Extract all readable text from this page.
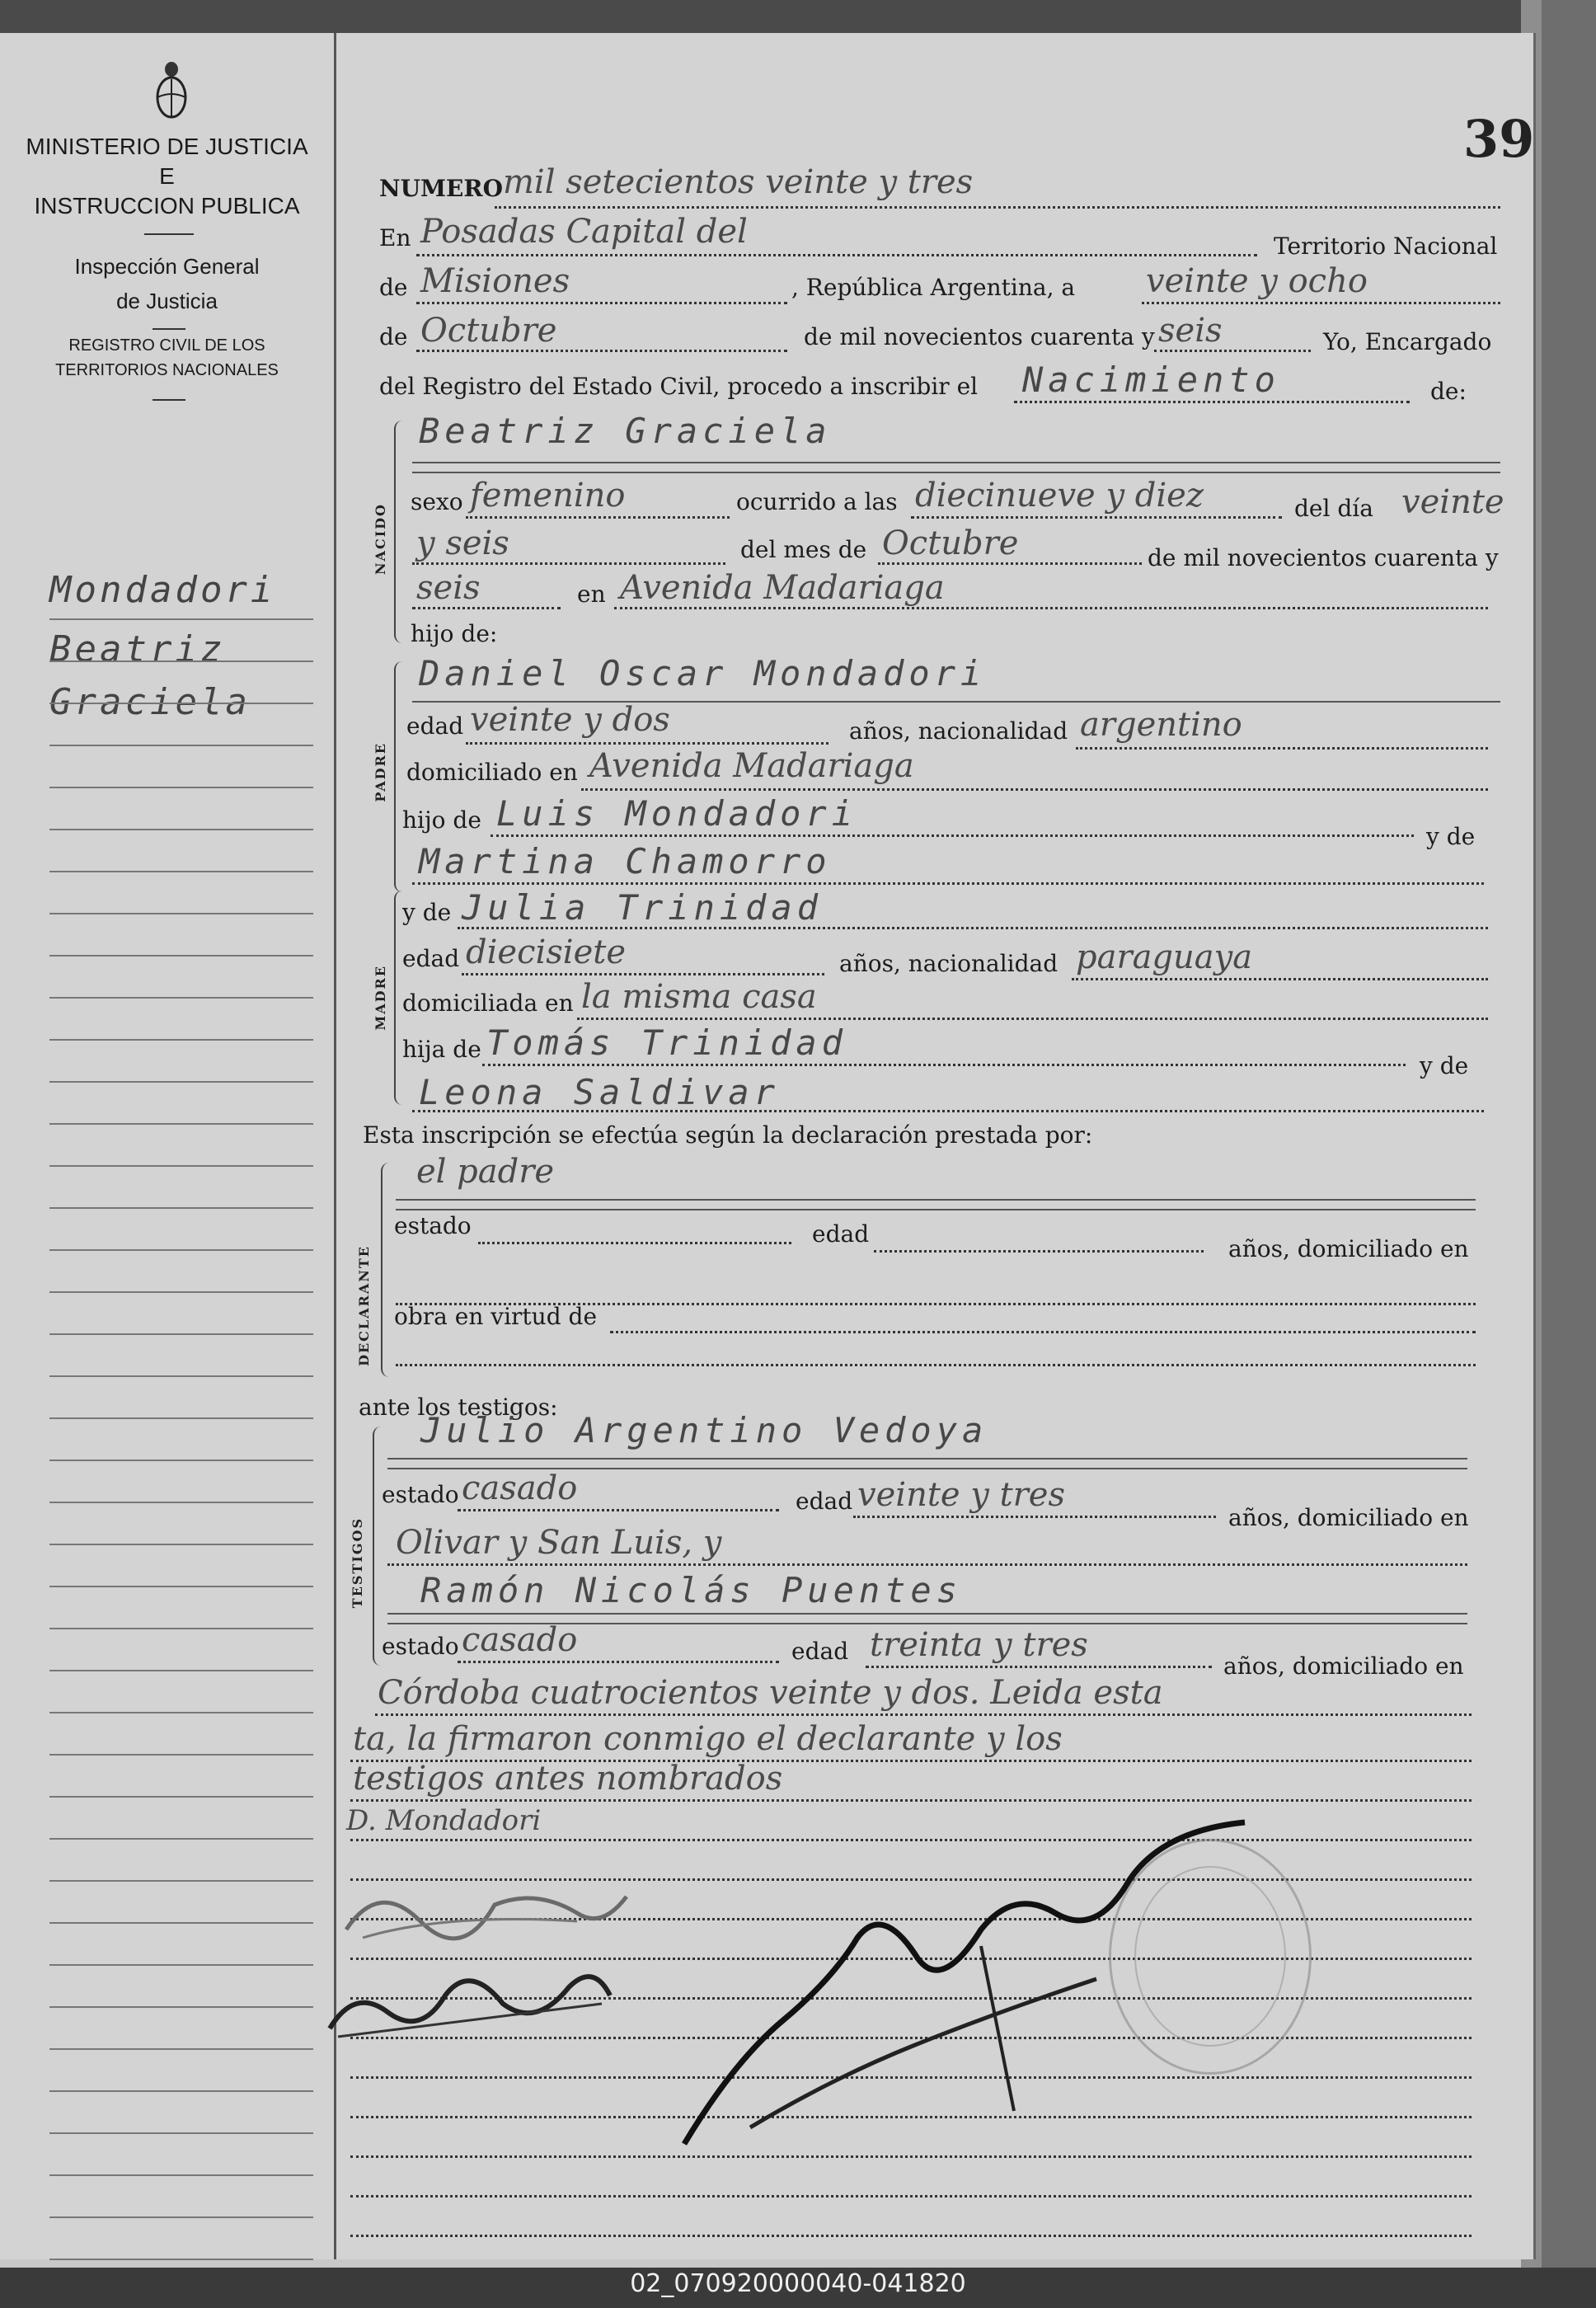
MINISTERIO DE JUSTICIA
E
INSTRUCCION PUBLICA
Inspección General
de Justicia
REGISTRO CIVIL DE LOS
TERRITORIOS NACIONALES
Mondadori
Beatriz
Graciela
39
NUMERO mil setecientos veinte y tres
En Posadas Capital del	Territorio Nacional
de Misiones	, República Argentina, a veinte y ocho
de Octubre	de mil novecientos cuarenta y seis	Yo, Encargado
del Registro del Estado Civil, procedo a inscribir el Nacimiento	de:
NACIDO
Beatriz Graciela
sexo femenino	ocurrido a las diecinueve y diez	del día veinte
y seis	del mes de Octubre	de mil novecientos cuarenta y
seis	en Avenida Madariaga
hijo de:
PADRE
Daniel Oscar Mondadori
edad veinte y dos	años, nacionalidad argentino
domiciliado en Avenida Madariaga
hijo de Luis Mondadori
y de
Martina Chamorro
MADRE
y de Julia Trinidad
edad diecisiete	años, nacionalidad paraguaya
domiciliada en la misma casa
hija de Tomás Trinidad
y de
Leona Saldivar
Esta inscripción se efectúa según la declaración prestada por:
DECLARANTE
el padre
estado	edad
años, domiciliado en
obra en virtud de
ante los testigos:
TESTIGOS
Julio Argentino Vedoya
estado casado	edad veinte y tres
años, domiciliado en
Olivar y San Luis, y
Ramón Nicolás Puentes
estado casado	edad treinta y tres
años, domiciliado en
Córdoba cuatrocientos veinte y dos. Leida esta
ta, la firmaron conmigo el declarante y los
testigos antes nombrados
D. Mondadori
02_070920000040-041820
